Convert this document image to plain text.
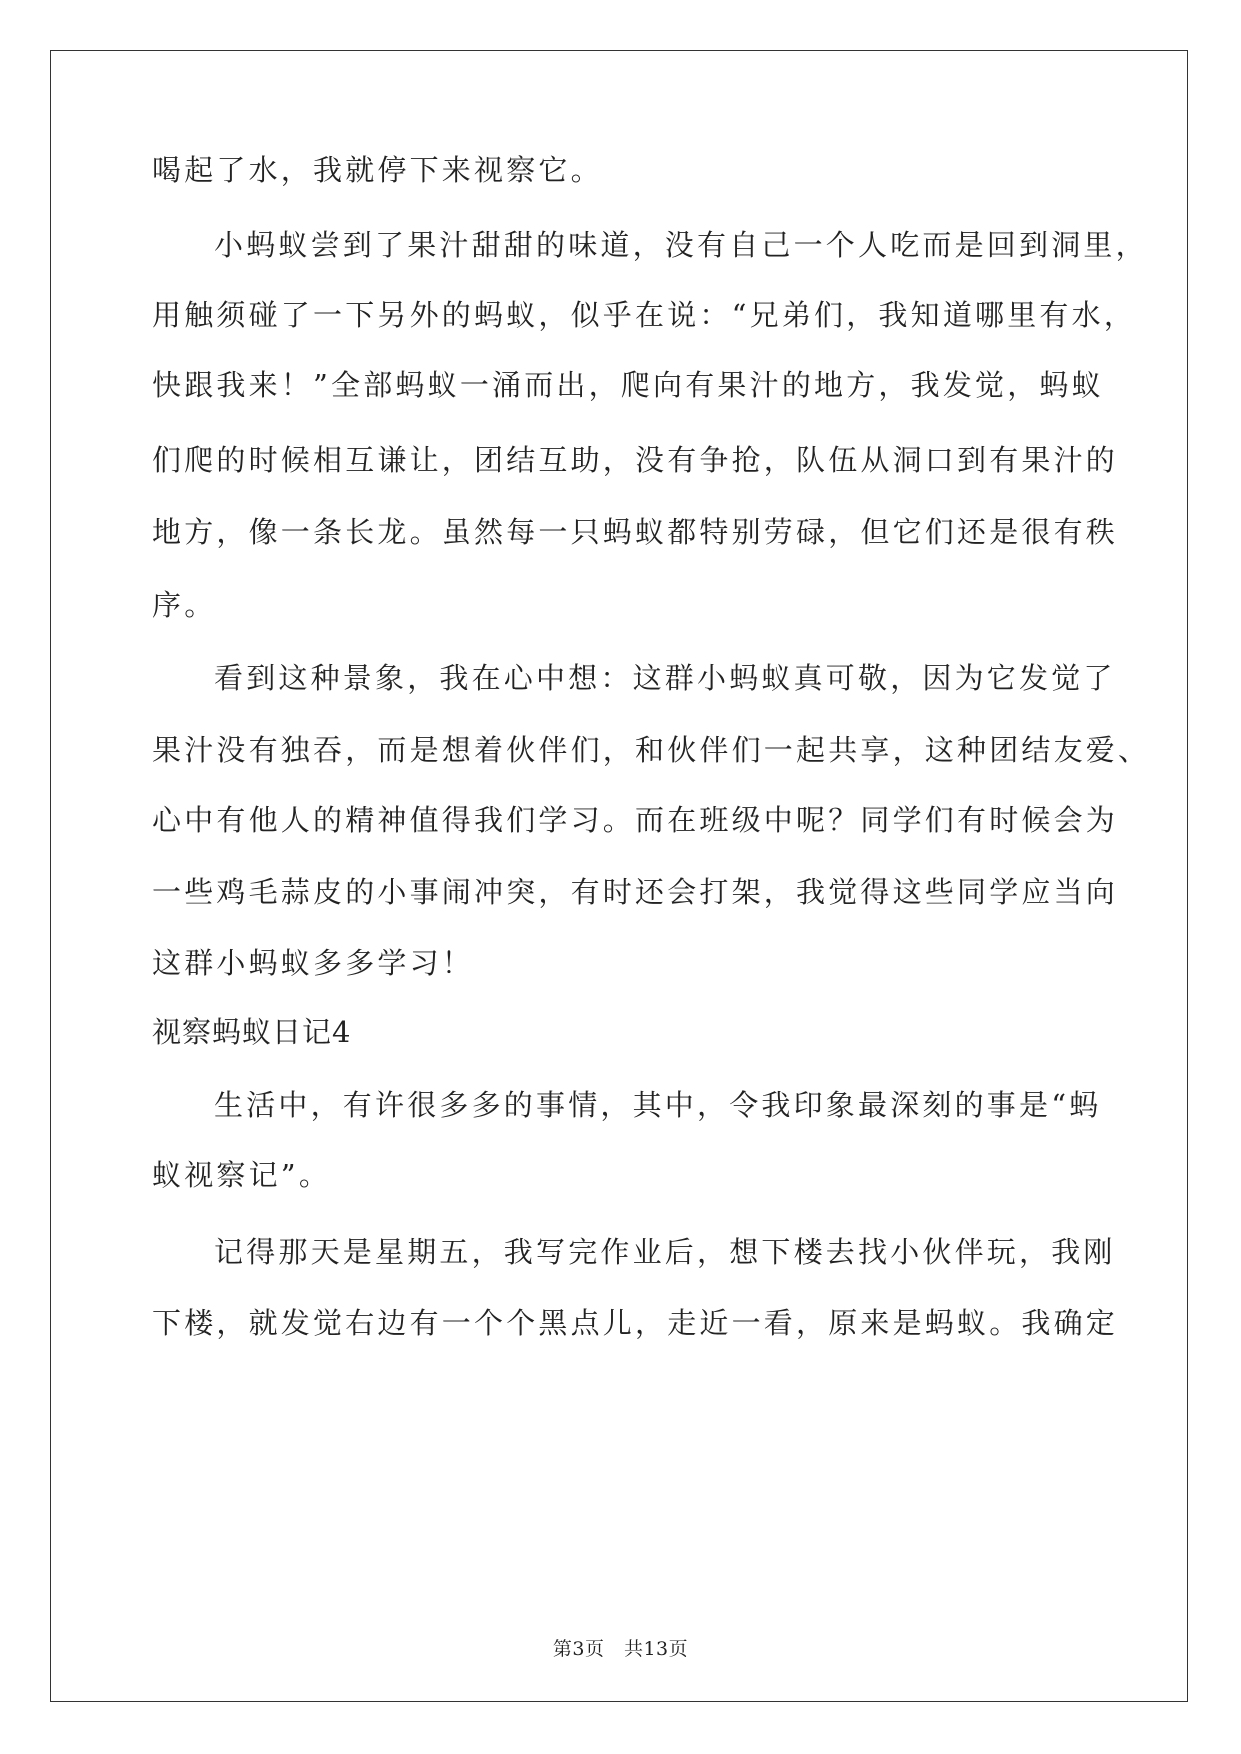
喝起了水，我就停下来视察它。
小蚂蚁尝到了果汁甜甜的味道，没有自己一个人吃而是回到洞里，
用触须碰了一下另外的蚂蚁，似乎在说：“兄弟们，我知道哪里有水，
快跟我来！”全部蚂蚁一涌而出，爬向有果汁的地方，我发觉，蚂蚁
们爬的时候相互谦让，团结互助，没有争抢，队伍从洞口到有果汁的
地方，像一条长龙。虽然每一只蚂蚁都特别劳碌，但它们还是很有秩
序。
看到这种景象，我在心中想：这群小蚂蚁真可敬，因为它发觉了
果汁没有独吞，而是想着伙伴们，和伙伴们一起共享，这种团结友爱、
心中有他人的精神值得我们学习。而在班级中呢？同学们有时候会为
一些鸡毛蒜皮的小事闹冲突，有时还会打架，我觉得这些同学应当向
这群小蚂蚁多多学习！
视察蚂蚁日记4
生活中，有许很多多的事情，其中，令我印象最深刻的事是“蚂
蚁视察记”。
记得那天是星期五，我写完作业后，想下楼去找小伙伴玩，我刚
下楼，就发觉右边有一个个黑点儿，走近一看，原来是蚂蚁。我确定
第3页　共13页
